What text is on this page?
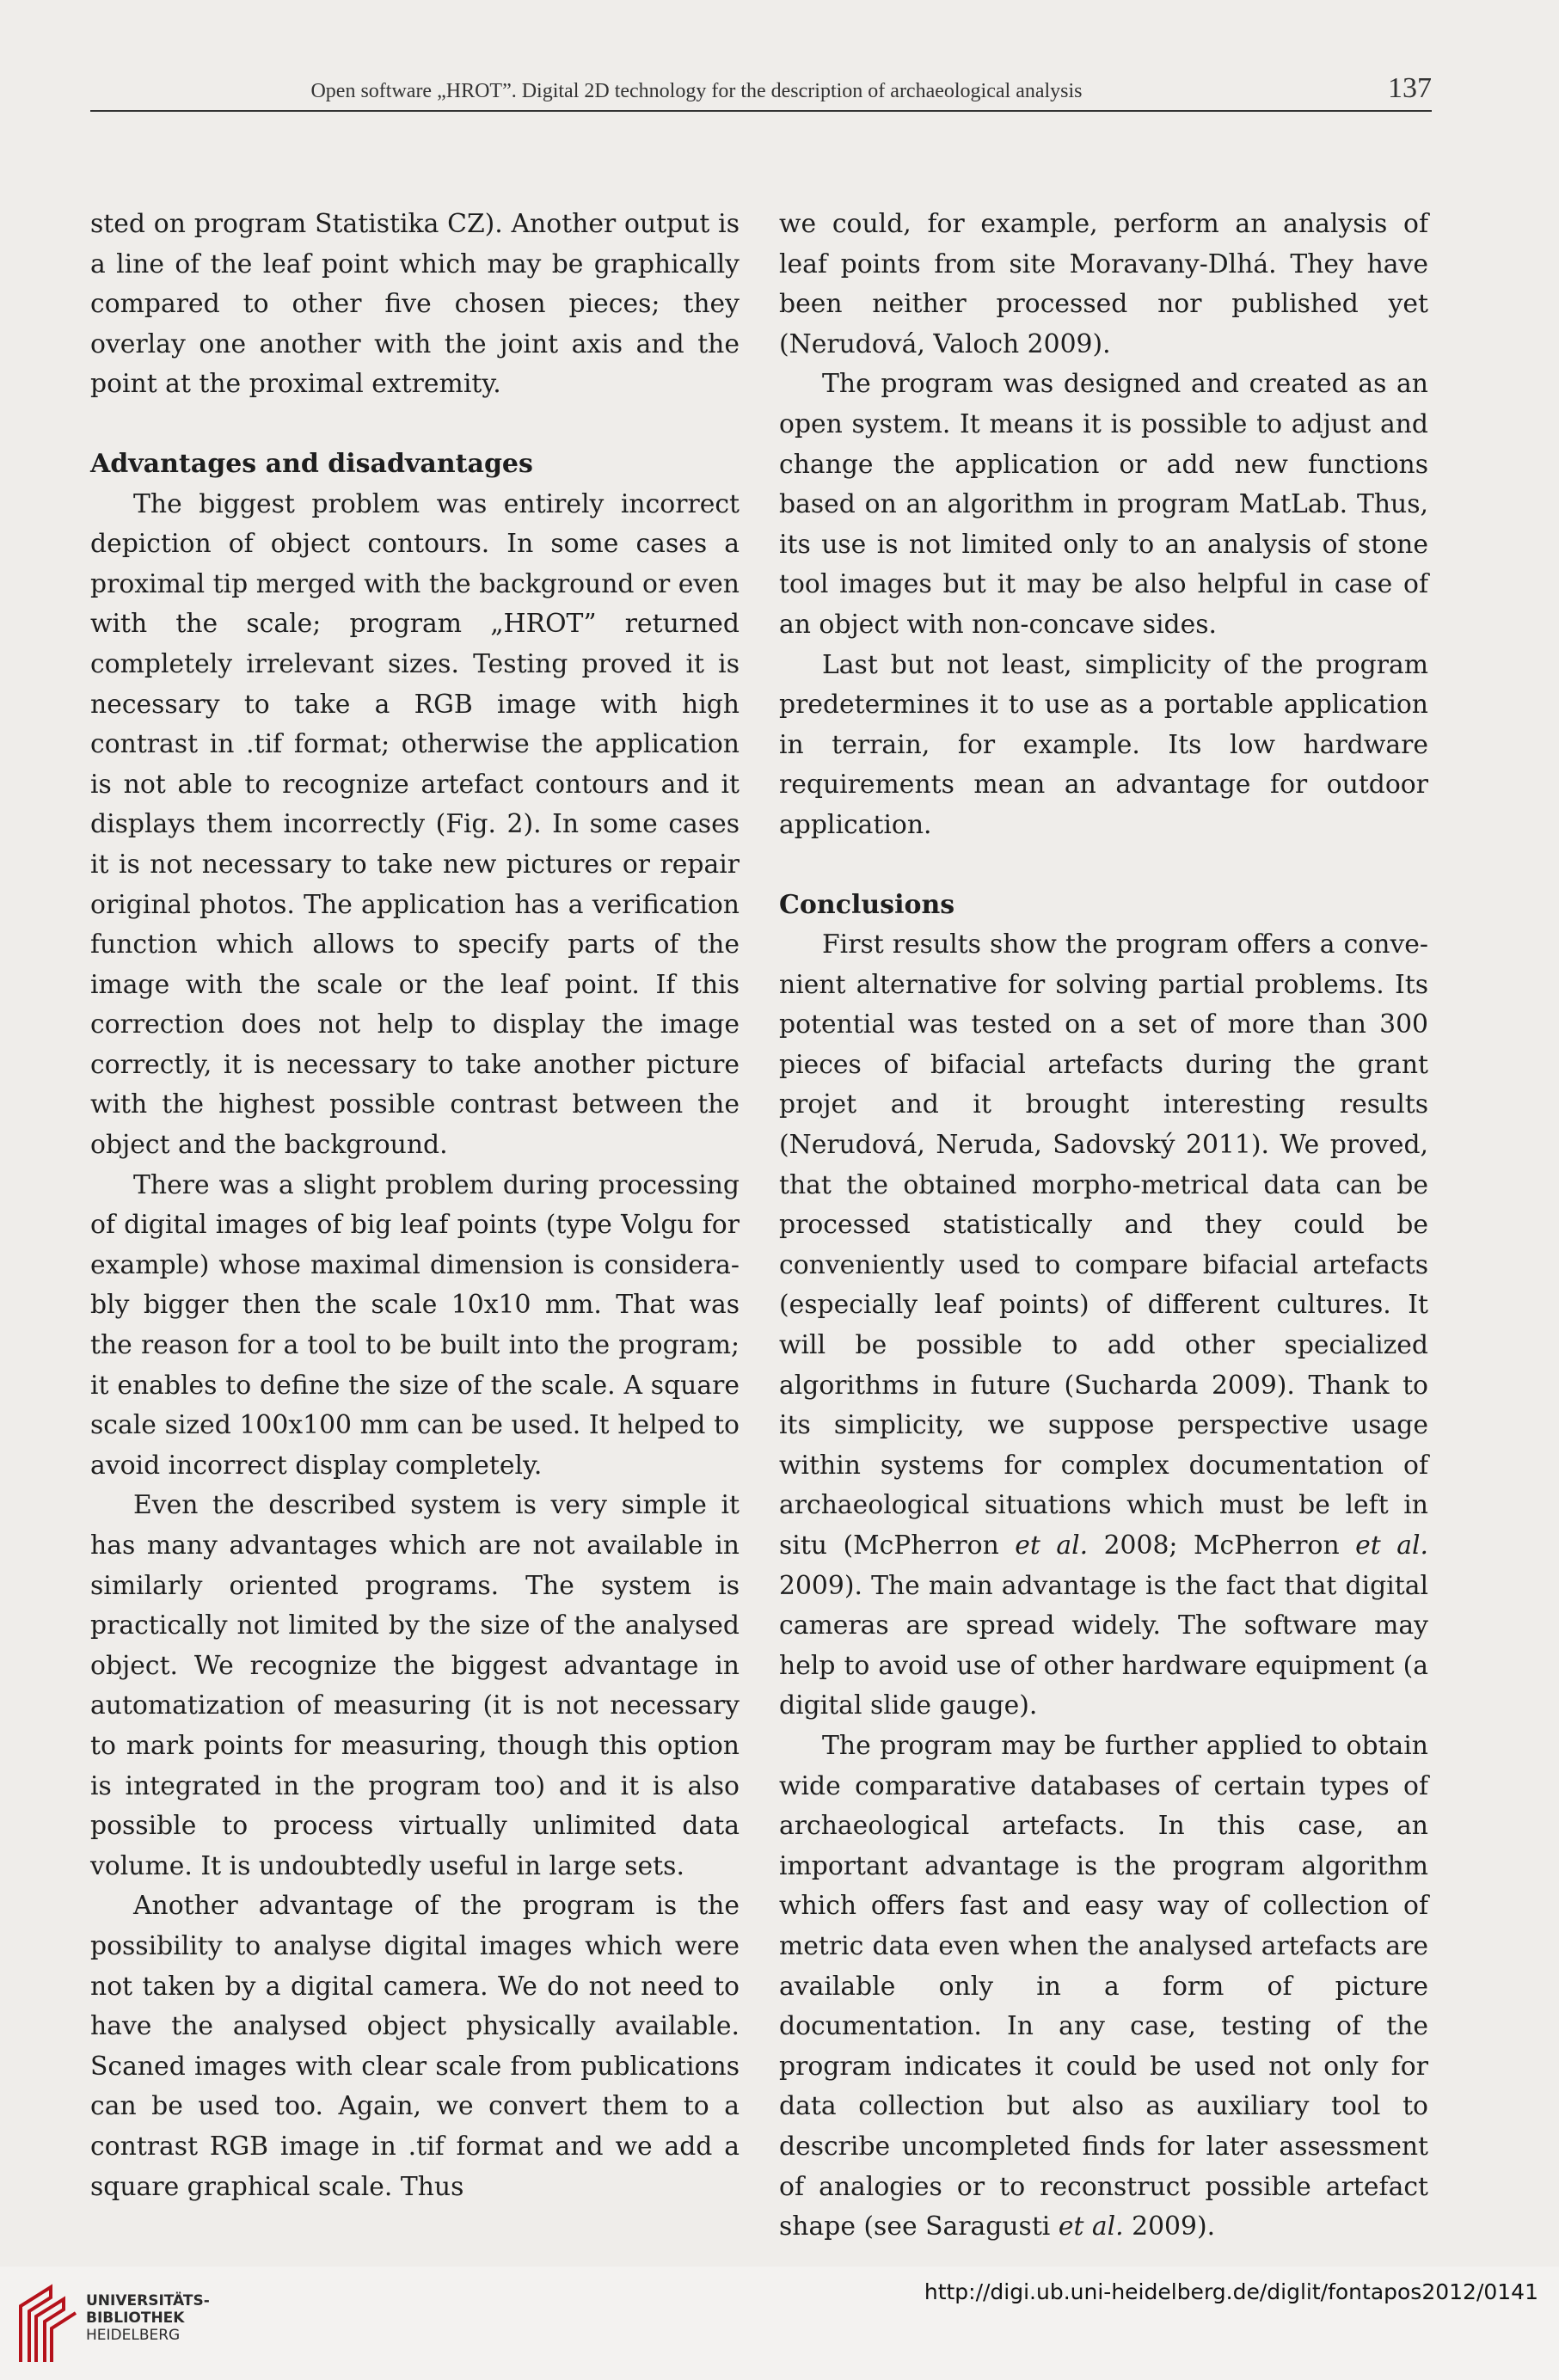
Open software „HROT”. Digital 2D technology for the description of archaeological analysis	137

sted on program Statistika CZ). Another output is a line of the leaf point which may be graphically compared to other five chosen pieces; they overlay one another with the joint axis and the point at the proximal extremity.

Advantages and disadvantages

The biggest problem was entirely incorrect depiction of object contours. In some cases a proximal tip merged with the background or even with the scale; program „HROT” returned completely irrelevant sizes. Testing proved it is necessary to take a RGB image with high contrast in .tif format; otherwise the application is not able to recognize artefact contours and it displays them incorrectly (Fig. 2). In some cases it is not necessary to take new pictures or repair original photos. The application has a verification function which allows to specify parts of the image with the scale or the leaf point. If this correction does not help to display the image correctly, it is necessary to take another picture with the highest possible contrast between the object and the background.

There was a slight problem during processing of digital images of big leaf points (type Volgu for example) whose maximal dimension is considerably bigger then the scale 10x10 mm. That was the reason for a tool to be built into the program; it enables to define the size of the scale. A square scale sized 100x100 mm can be used. It helped to avoid incorrect display completely.

Even the described system is very simple it has many advantages which are not available in similarly oriented programs. The system is practically not limited by the size of the analysed object. We recognize the biggest advantage in automatization of measuring (it is not necessary to mark points for measuring, though this option is integrated in the program too) and it is also possible to process virtually unlimited data volume. It is undoubtedly useful in large sets.

Another advantage of the program is the possibility to analyse digital images which were not taken by a digital camera. We do not need to have the analysed object physically available. Scaned images with clear scale from publications can be used too. Again, we convert them to a contrast RGB image in .tif format and we add a square graphical scale. Thus

we could, for example, perform an analysis of leaf points from site Moravany-Dlhá. They have been neither processed nor published yet (Nerudová, Valoch 2009).

The program was designed and created as an open system. It means it is possible to adjust and change the application or add new functions based on an algorithm in program MatLab. Thus, its use is not limited only to an analysis of stone tool images but it may be also helpful in case of an object with non-concave sides.

Last but not least, simplicity of the program predetermines it to use as a portable application in terrain, for example. Its low hardware requirements mean an advantage for outdoor application.

Conclusions

First results show the program offers a convenient alternative for solving partial problems. Its potential was tested on a set of more than 300 pieces of bifacial artefacts during the grant projet and it brought interesting results (Nerudová, Neruda, Sadovský 2011). We proved, that the obtained morpho-metrical data can be processed statistically and they could be conveniently used to compare bifacial artefacts (especially leaf points) of different cultures. It will be possible to add other specialized algorithms in future (Sucharda 2009). Thank to its simplicity, we suppose perspective usage within systems for complex documentation of archaeological situations which must be left in situ (McPherron et al. 2008; McPherron et al. 2009). The main advantage is the fact that digital cameras are spread widely. The software may help to avoid use of other hardware equipment (a digital slide gauge).

The program may be further applied to obtain wide comparative databases of certain types of archaeological artefacts. In this case, an important advantage is the program algorithm which offers fast and easy way of collection of metric data even when the analysed artefacts are available only in a form of picture documentation. In any case, testing of the program indicates it could be used not only for data collection but also as auxiliary tool to describe uncompleted finds for later assessment of analogies or to reconstruct possible artefact shape (see Saragusti et al. 2009).

UNIVERSITÄTS-
BIBLIOTHEK
HEIDELBERG
http://digi.ub.uni-heidelberg.de/diglit/fontapos2012/0141
